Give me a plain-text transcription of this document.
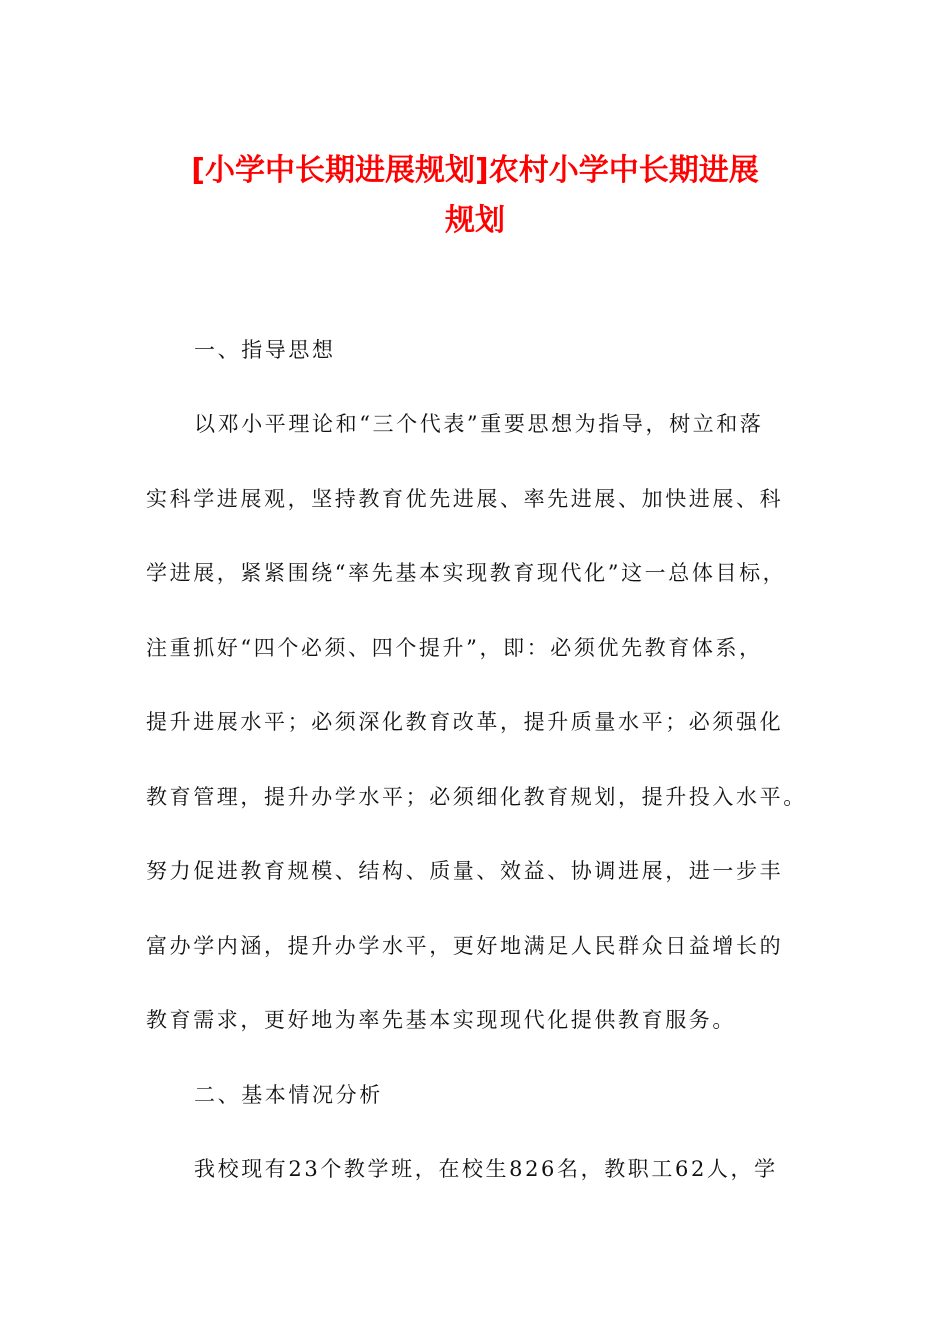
[小学中长期进展规划]农村小学中长期进展
规划
一、指导思想
以邓小平理论和“三个代表”重要思想为指导，树立和落
实科学进展观，坚持教育优先进展、率先进展、加快进展、科
学进展，紧紧围绕“率先基本实现教育现代化”这一总体目标，
注重抓好“四个必须、四个提升”，即：必须优先教育体系，
提升进展水平；必须深化教育改革，提升质量水平；必须强化
教育管理，提升办学水平；必须细化教育规划，提升投入水平。
努力促进教育规模、结构、质量、效益、协调进展，进一步丰
富办学内涵，提升办学水平，更好地满足人民群众日益增长的
教育需求，更好地为率先基本实现现代化提供教育服务。
二、基本情况分析
我校现有23个教学班，在校生826名，教职工62人，学
